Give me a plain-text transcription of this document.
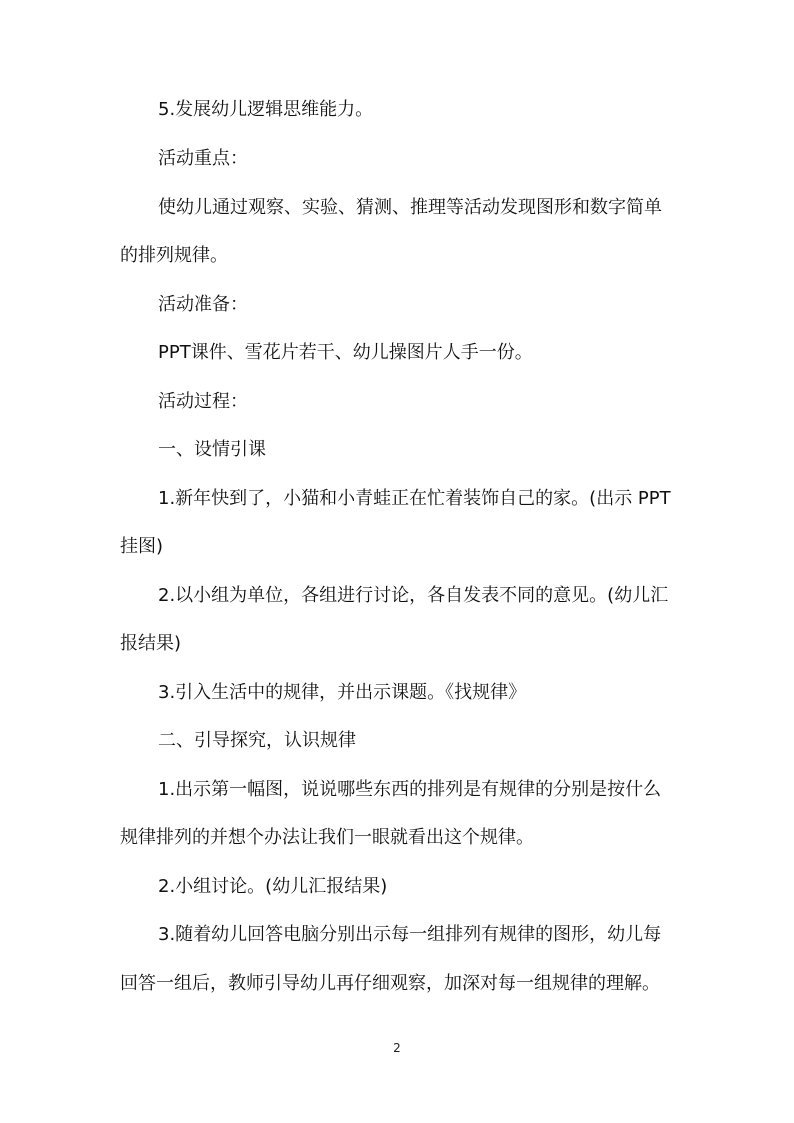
5.发展幼儿逻辑思维能力。

活动重点：

使幼儿通过观察、实验、猜测、推理等活动发现图形和数字简单

的排列规律。

活动准备：

PPT课件、雪花片若干、幼儿操图片人手一份。

活动过程：

一、设情引课

1.新年快到了，小猫和小青蛙正在忙着装饰自己的家。(出示 PPT

挂图)

2.以小组为单位，各组进行讨论，各自发表不同的意见。(幼儿汇

报结果)

3.引入生活中的规律，并出示课题。《找规律》

二、引导探究，认识规律

1.出示第一幅图，说说哪些东西的排列是有规律的分别是按什么

规律排列的并想个办法让我们一眼就看出这个规律。

2.小组讨论。(幼儿汇报结果)

3.随着幼儿回答电脑分别出示每一组排列有规律的图形，幼儿每

回答一组后，教师引导幼儿再仔细观察，加深对每一组规律的理解。

2
